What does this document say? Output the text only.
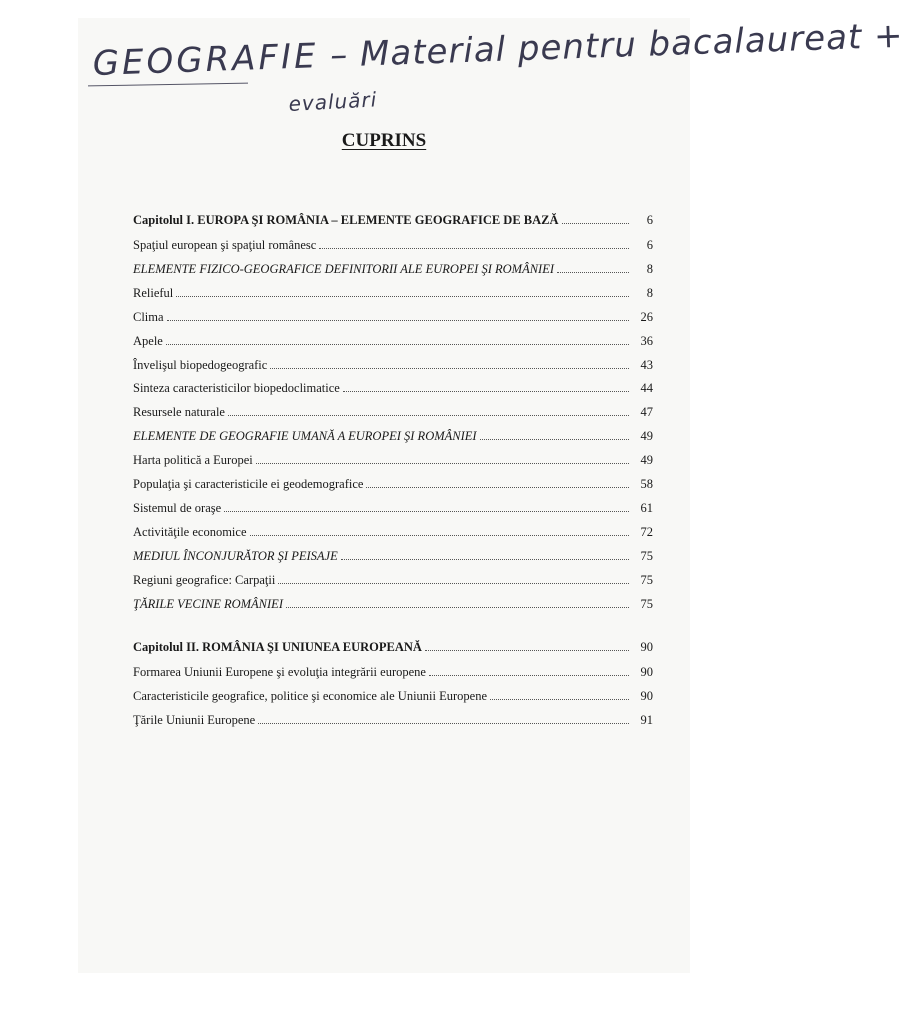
GEOGRAFIE – Material pentru bacalaureat +
evaluări
CUPRINS
Capitolul I. EUROPA ŞI ROMÂNIA – ELEMENTE GEOGRAFICE DE BAZĂ	6
Spaţiul european şi spaţiul românesc	6
ELEMENTE FIZICO-GEOGRAFICE DEFINITORII ALE EUROPEI ŞI ROMÂNIEI	8
Relieful	8
Clima	26
Apele	36
Învelişul biopedogeografic	43
Sinteza caracteristicilor biopedoclimatice	44
Resursele naturale	47
ELEMENTE DE GEOGRAFIE UMANĂ A EUROPEI ŞI ROMÂNIEI	49
Harta politică a Europei	49
Populaţia şi caracteristicile ei geodemografice	58
Sistemul de oraşe	61
Activităţile economice	72
MEDIUL ÎNCONJURĂTOR ŞI PEISAJE	75
Regiuni geografice: Carpaţii	75
ŢĂRILE VECINE ROMÂNIEI	75
Capitolul II. ROMÂNIA ŞI UNIUNEA EUROPEANĂ	90
Formarea Uniunii Europene şi evoluţia integrării europene	90
Caracteristicile geografice, politice şi economice ale Uniunii Europene	90
Ţările Uniunii Europene	91
